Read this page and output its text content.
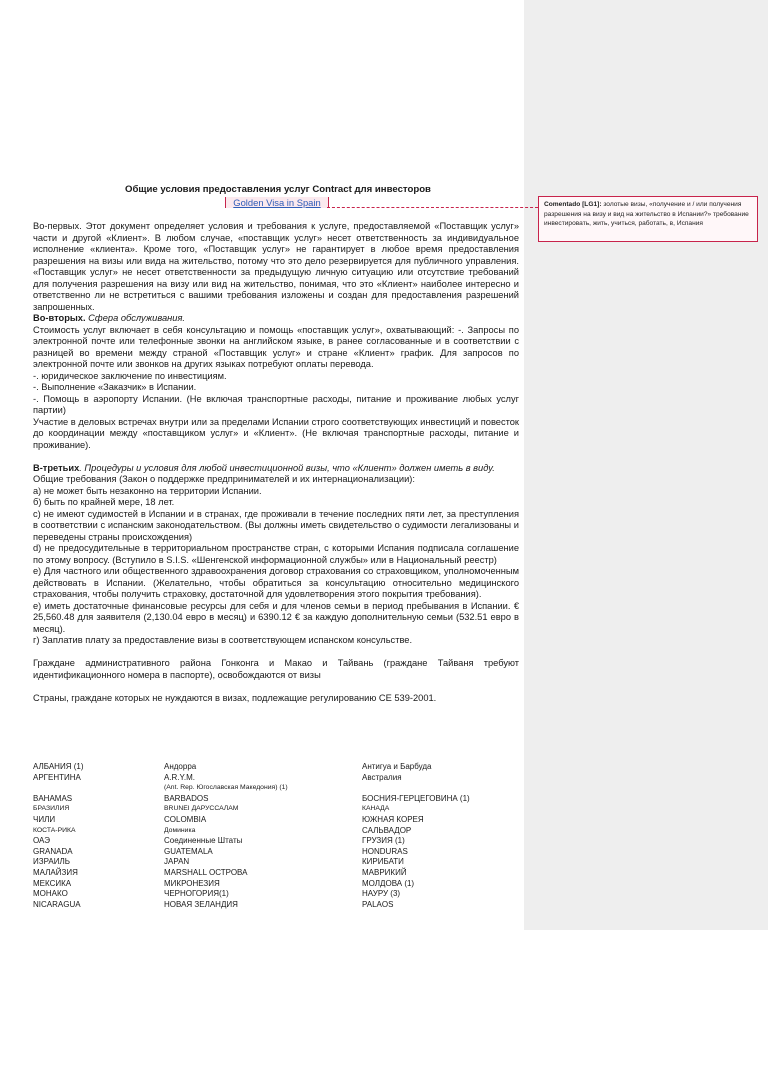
Общие условия предоставления услуг Contract для инвесторов
Golden Visa in Spain	Comentado [LG1]: золотые визы, «получение и / или получения разрешения на визу и вид на жительство в Испании?» требование инвестировать, жить, учиться, работать, в, Испания

Во-первых. Этот документ определяет условия и требования к услуге, предоставляемой «Поставщик услуг» части и другой «Клиент». В любом случае, «поставщик услуг» несет ответственность за индивидуальное исполнение «клиента». Кроме того, «Поставщик услуг» не гарантирует в любое время предоставления разрешения на визы или вида на жительство, потому что это дело резервируется для публичного управления. «Поставщик услуг» не несет ответственности за предыдущую личную ситуацию или отсутствие требований для получения разрешения на визу или вид на жительство, понимая, что это «Клиент» наиболее интересно и ответственно ли не встретиться с вашими требования изложены и создан для предоставления разрешений запрошенных.

Во-вторых. Сфера обслуживания.

Стоимость услуг включает в себя консультацию и помощь «поставщик услуг», охватывающий: -. Запросы по электронной почте или телефонные звонки на английском языке, в ранее согласованные и в соответствии с разницей во времени между страной «Поставщик услуг» и стране «Клиент» график. Для запросов по электронной почте или звонков на других языках потребуют оплаты перевода.

-. юридическое заключение по инвестициям.

-. Выполнение «Заказчик» в Испании.

-. Помощь в аэропорту Испании. (Не включая транспортные расходы, питание и проживание любых услуг партии)

Участие в деловых встречах внутри или за пределами Испании строго соответствующих инвестиций и повесток до координации между «поставщиком услуг» и «Клиент». (Не включая транспортные расходы, питание и проживание).

В-третьих. Процедуры и условия для любой инвестиционной визы, что «Клиент» должен иметь в виду.

Общие требования (Закон о поддержке предпринимателей и их интернационализации):

а) не может быть незаконно на территории Испании.

б) быть по крайней мере, 18 лет.

с) не имеют судимостей в Испании и в странах, где проживали в течение последних пяти лет, за преступления в соответствии с испанским законодательством. (Вы должны иметь свидетельство о судимости легализованы и переведены страны происхождения)

d) не предосудительные в территориальном пространстве стран, с которыми Испания подписала соглашение по этому вопросу. (Вступило в S.I.S. «Шенгенской информационной службы» или в Национальный реестр)

e) Для частного или общественного здравоохранения договор страхования со страховщиком, уполномоченным действовать в Испании. (Желательно, чтобы обратиться за консультацию относительно медицинского страхования, чтобы получить страховку, достаточной для удовлетворения этого покрытия требования).

е) иметь достаточные финансовые ресурсы для себя и для членов семьи в период пребывания в Испании. € 25,560.48 для заявителя (2,130.04 евро в месяц) и 6390.12 € за каждую дополнительную семьи (532.51 евро в месяц).

г) Заплатив плату за предоставление визы в соответствующем испанском консульстве.

Граждане административного района Гонконга и Макао и Тайвань (граждане Тайваня требуют идентификационного номера в паспорте), освобождаются от визы

Страны, граждане которых не нуждаются в визах, подлежащие регулированию CE 539-2001.

АЛБАНИЯ (1)	Андорра	Антигуа и Барбуда
АРГЕНТИНА	A.R.Y.M.	Австралия
(Ant. Rep. Югославская Македония) (1)
BAHAMAS	BARBADOS	БОСНИЯ-ГЕРЦЕГОВИНА (1)
БРАЗИЛИЯ	BRUNEI ДАРУССАЛАМ	КАНАДА
ЧИЛИ	COLOMBIA	ЮЖНАЯ КОРЕЯ
КОСТА-РИКА	Доминика	САЛЬВАДОР
ОАЭ	Соединенные Штаты	ГРУЗИЯ (1)
GRANADA	GUATEMALA	HONDURAS
ИЗРАИЛЬ	JAPAN	КИРИБАТИ
МАЛАЙЗИЯ	MARSHALL ОСТРОВА	МАВРИКИЙ
МЕКСИКА	МИКРОНЕЗИЯ	МОЛДОВА (1)
МОНАКО	ЧЕРНОГОРИЯ(1)	НАУРУ (3)
NICARAGUA	НОВАЯ ЗЕЛАНДИЯ	PALAOS
